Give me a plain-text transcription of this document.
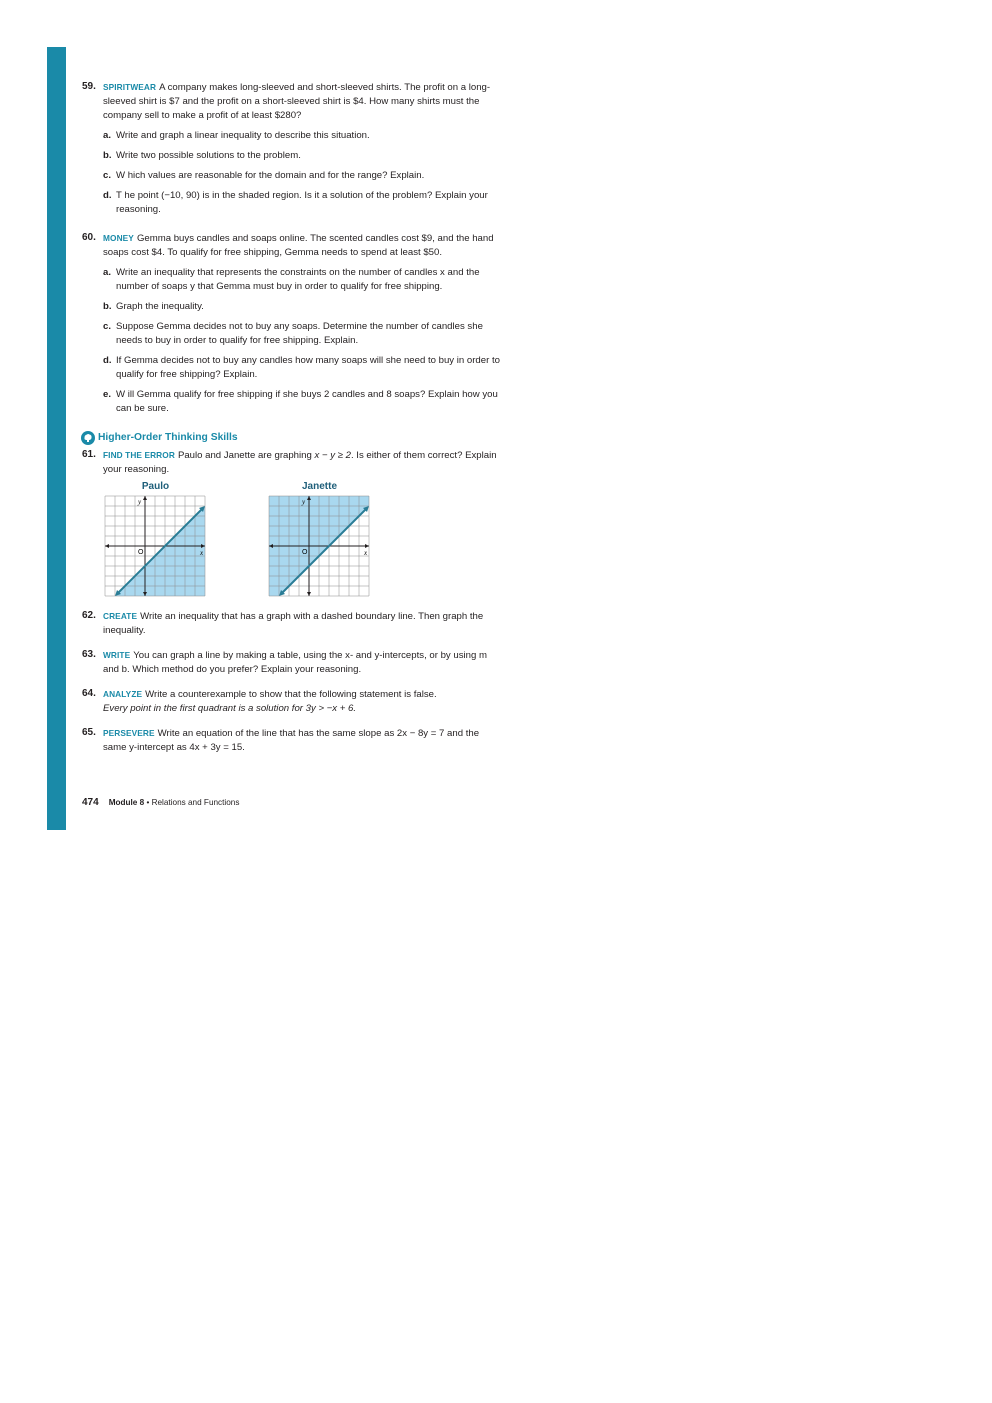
59. SPIRITWEAR A company makes long-sleeved and short-sleeved shirts. The profit on a long-sleeved shirt is $7 and the profit on a short-sleeved shirt is $4. How many shirts must the company sell to make a profit of at least $280?
a. Write and graph a linear inequality to describe this situation.
b. Write two possible solutions to the problem.
c. W hich values are reasonable for the domain and for the range? Explain.
d. T he point (−10, 90) is in the shaded region. Is it a solution of the problem? Explain your reasoning.
60. MONEY Gemma buys candles and soaps online. The scented candles cost $9, and the hand soaps cost $4. To qualify for free shipping, Gemma needs to spend at least $50.
a. Write an inequality that represents the constraints on the number of candles x and the number of soaps y that Gemma must buy in order to qualify for free shipping.
b. Graph the inequality.
c. Suppose Gemma decides not to buy any soaps. Determine the number of candles she needs to buy in order to qualify for free shipping. Explain.
d. If Gemma decides not to buy any candles how many soaps will she need to buy in order to qualify for free shipping? Explain.
e. W ill Gemma qualify for free shipping if she buys 2 candles and 8 soaps? Explain how you can be sure.
Higher-Order Thinking Skills
61. FIND THE ERROR Paulo and Janette are graphing x − y ≥ 2. Is either of them correct? Explain your reasoning.
Paulo
y
x
O
Janette
y
x
O
62. CREATE Write an inequality that has a graph with a dashed boundary line. Then graph the inequality.
63. WRITE You can graph a line by making a table, using the x- and y-intercepts, or by using m and b. Which method do you prefer? Explain your reasoning.
64. ANALYZE Write a counterexample to show that the following statement is false.
Every point in the first quadrant is a solution for 3y > −x + 6.
65. PERSEVERE Write an equation of the line that has the same slope as 2x − 8y = 7 and the same y-intercept as 4x + 3y = 15.
474 Module 8 • Relations and Functions
